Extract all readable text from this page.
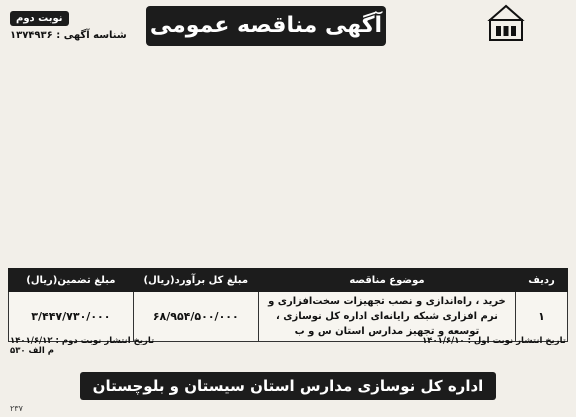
آگهی مناقصه عمومی
نوبت دوم
شناسه آگهی : ۱۳۷۴۹۳۶
ردیف	موضوع مناقصه	مبلغ کل برآورد(ریال)	مبلغ تضمین(ریال)
۱	خرید ، راه‌اندازی و نصب تجهیزات سخت‌افزاری و نرم افزاری شبکه رایانه‌ای اداره کل نوسازی ، توسعه و تجهیز مدارس استان س و ب	۶۸/۹۵۴/۵۰۰/۰۰۰	۳/۴۴۷/۷۳۰/۰۰۰
تاریخ انتشار نوبت اول : ۱۴۰۱/۶/۱۰
تاریخ انتشار نوبت دوم : ۱۴۰۱/۶/۱۲
م الف ۵۳۰
اداره کل نوسازی مدارس استان سیستان و بلوچستان
۲۳۷
